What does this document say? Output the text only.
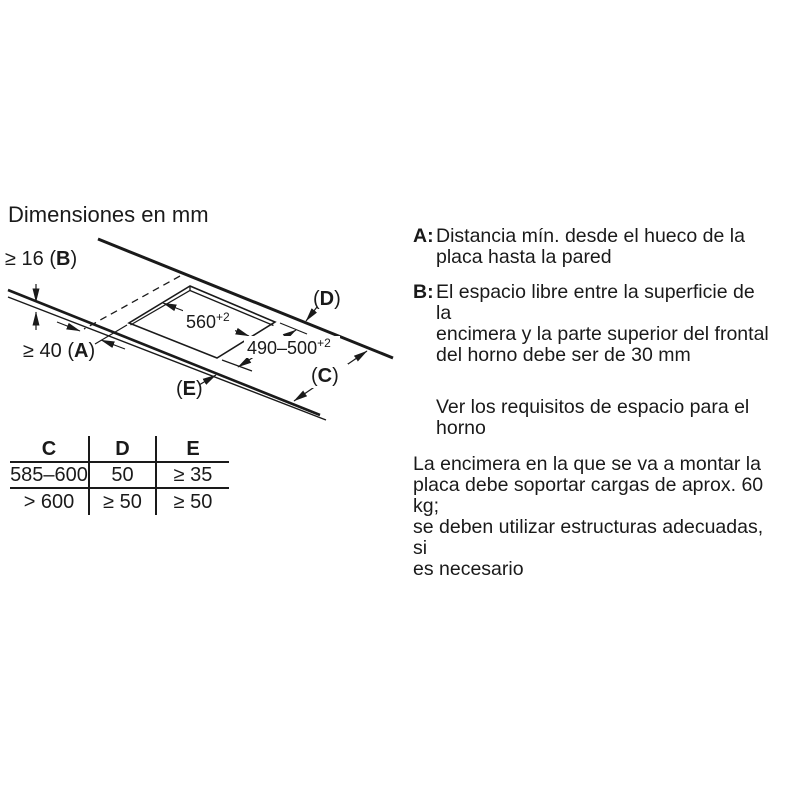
Dimensiones en mm
≥ 16 (B)
≥ 40 (A)
(D)
(C)
(E)
$560^{+2}$
$490-500^{+2}$
C	D	E
585–600	50	≥ 35
> 600	≥ 50	≥ 50
A: Distancia mín. desde el hueco de la
placa hasta la pared
B: El espacio libre entre la superficie de la
encimera y la parte superior del frontal
del horno debe ser de 30 mm
Ver los requisitos de espacio para el
horno
La encimera en la que se va a montar la
placa debe soportar cargas de aprox. 60 kg;
se deben utilizar estructuras adecuadas, si
es necesario
